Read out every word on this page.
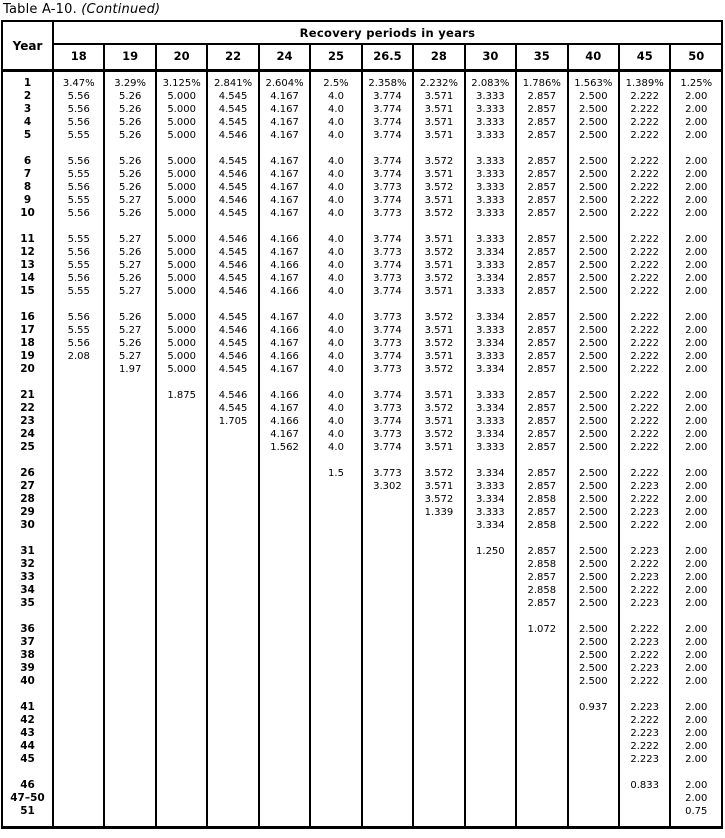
Table A-10. (Continued)
Year	Recovery periods in years												
	18	19	20	22	24	25	26.5	28	30	35	40	45	50
1	3.47%	3.29%	3.125%	2.841%	2.604%	2.5%	2.358%	2.232%	2.083%	1.786%	1.563%	1.389%	1.25%
2	5.56	5.26	5.000	4.545	4.167	4.0	3.774	3.571	3.333	2.857	2.500	2.222	2.00
3	5.56	5.26	5.000	4.545	4.167	4.0	3.774	3.571	3.333	2.857	2.500	2.222	2.00
4	5.56	5.26	5.000	4.545	4.167	4.0	3.774	3.571	3.333	2.857	2.500	2.222	2.00
5	5.55	5.26	5.000	4.546	4.167	4.0	3.774	3.571	3.333	2.857	2.500	2.222	2.00

6	5.56	5.26	5.000	4.545	4.167	4.0	3.774	3.572	3.333	2.857	2.500	2.222	2.00
7	5.55	5.26	5.000	4.546	4.167	4.0	3.774	3.571	3.333	2.857	2.500	2.222	2.00
8	5.56	5.26	5.000	4.545	4.167	4.0	3.773	3.572	3.333	2.857	2.500	2.222	2.00
9	5.55	5.27	5.000	4.546	4.167	4.0	3.774	3.571	3.333	2.857	2.500	2.222	2.00
10	5.56	5.26	5.000	4.545	4.167	4.0	3.773	3.572	3.333	2.857	2.500	2.222	2.00

11	5.55	5.27	5.000	4.546	4.166	4.0	3.774	3.571	3.333	2.857	2.500	2.222	2.00
12	5.56	5.26	5.000	4.545	4.167	4.0	3.773	3.572	3.334	2.857	2.500	2.222	2.00
13	5.55	5.27	5.000	4.546	4.166	4.0	3.774	3.571	3.333	2.857	2.500	2.222	2.00
14	5.56	5.26	5.000	4.545	4.167	4.0	3.773	3.572	3.334	2.857	2.500	2.222	2.00
15	5.55	5.27	5.000	4.546	4.166	4.0	3.774	3.571	3.333	2.857	2.500	2.222	2.00

16	5.56	5.26	5.000	4.545	4.167	4.0	3.773	3.572	3.334	2.857	2.500	2.222	2.00
17	5.55	5.27	5.000	4.546	4.166	4.0	3.774	3.571	3.333	2.857	2.500	2.222	2.00
18	5.56	5.26	5.000	4.545	4.167	4.0	3.773	3.572	3.334	2.857	2.500	2.222	2.00
19	2.08	5.27	5.000	4.546	4.166	4.0	3.774	3.571	3.333	2.857	2.500	2.222	2.00
20		1.97	5.000	4.545	4.167	4.0	3.773	3.572	3.334	2.857	2.500	2.222	2.00

21			1.875	4.546	4.166	4.0	3.774	3.571	3.333	2.857	2.500	2.222	2.00
22				4.545	4.167	4.0	3.773	3.572	3.334	2.857	2.500	2.222	2.00
23				1.705	4.166	4.0	3.774	3.571	3.333	2.857	2.500	2.222	2.00
24					4.167	4.0	3.773	3.572	3.334	2.857	2.500	2.222	2.00
25					1.562	4.0	3.774	3.571	3.333	2.857	2.500	2.222	2.00

26						1.5	3.773	3.572	3.334	2.857	2.500	2.222	2.00
27							3.302	3.571	3.333	2.857	2.500	2.223	2.00
28								3.572	3.334	2.858	2.500	2.222	2.00
29								1.339	3.333	2.857	2.500	2.223	2.00
30									3.334	2.858	2.500	2.222	2.00

31									1.250	2.857	2.500	2.223	2.00
32										2.858	2.500	2.222	2.00
33										2.857	2.500	2.223	2.00
34										2.858	2.500	2.222	2.00
35										2.857	2.500	2.223	2.00

36										1.072	2.500	2.222	2.00
37											2.500	2.223	2.00
38											2.500	2.222	2.00
39											2.500	2.223	2.00
40											2.500	2.222	2.00

41											0.937	2.223	2.00
42												2.222	2.00
43												2.223	2.00
44												2.222	2.00
45												2.223	2.00

46												0.833	2.00
47–50													2.00
51													0.75
